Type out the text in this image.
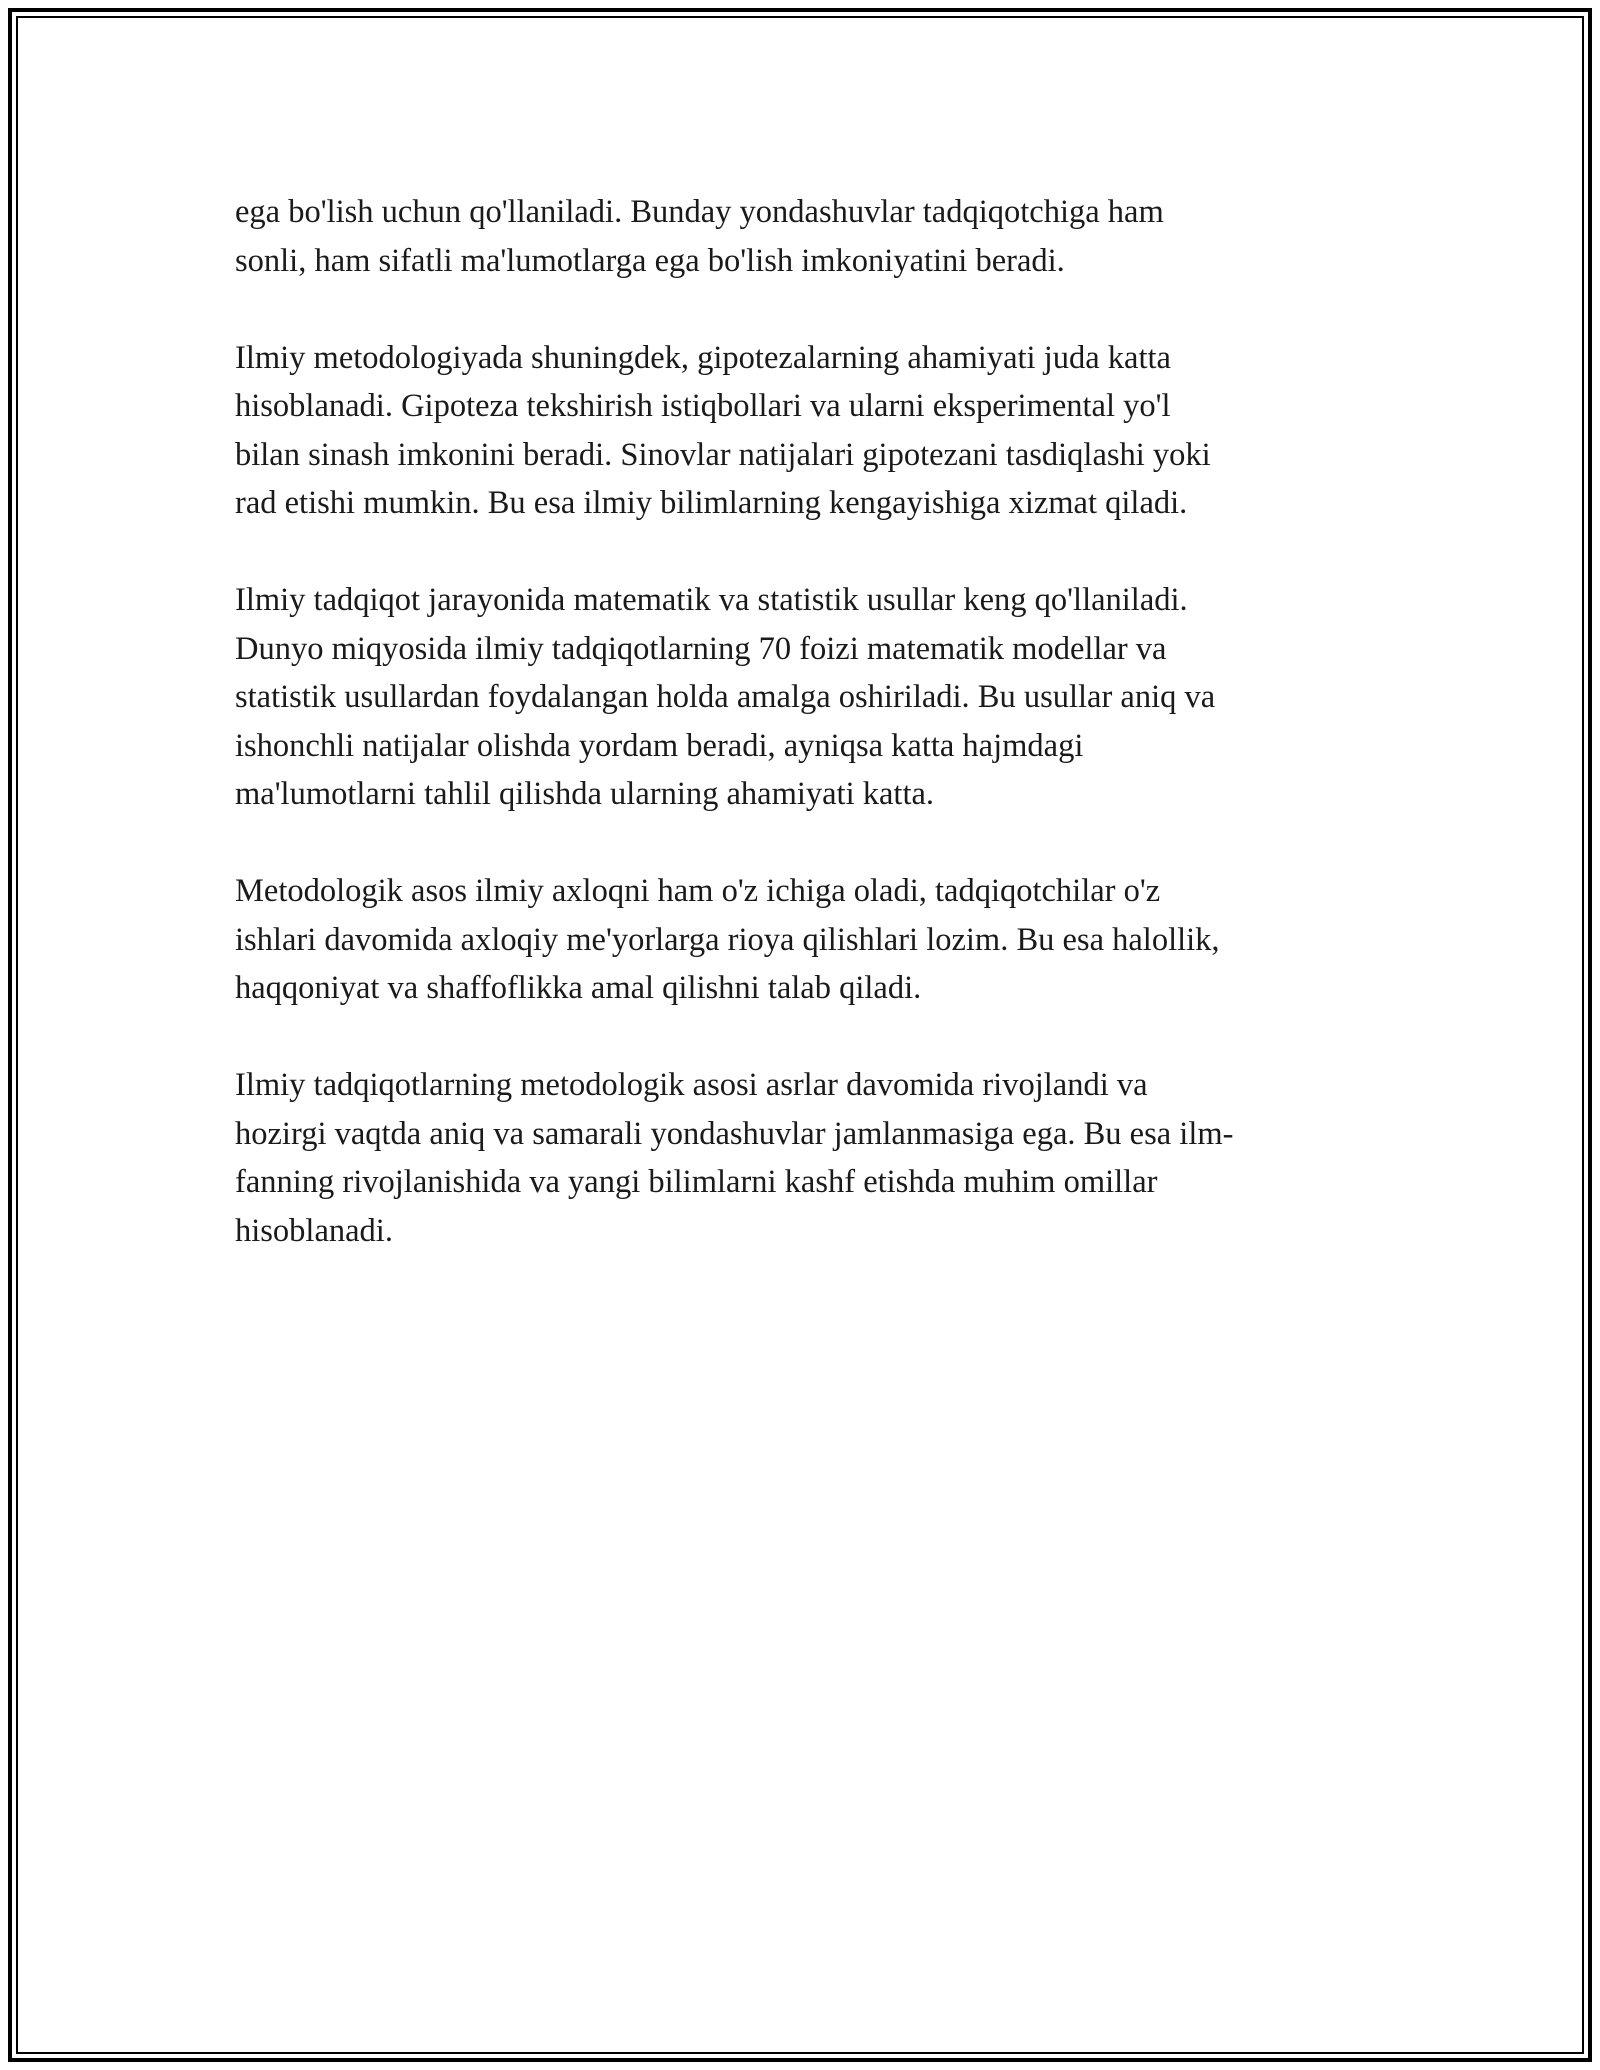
ega bo'lish uchun qo'llaniladi. Bunday yondashuvlar tadqiqotchiga ham
sonli, ham sifatli ma'lumotlarga ega bo'lish imkoniyatini beradi.

Ilmiy metodologiyada shuningdek, gipotezalarning ahamiyati juda katta
hisoblanadi. Gipoteza tekshirish istiqbollari va ularni eksperimental yo'l
bilan sinash imkonini beradi. Sinovlar natijalari gipotezani tasdiqlashi yoki
rad etishi mumkin. Bu esa ilmiy bilimlarning kengayishiga xizmat qiladi.

Ilmiy tadqiqot jarayonida matematik va statistik usullar keng qo'llaniladi.
Dunyo miqyosida ilmiy tadqiqotlarning 70 foizi matematik modellar va
statistik usullardan foydalangan holda amalga oshiriladi. Bu usullar aniq va
ishonchli natijalar olishda yordam beradi, ayniqsa katta hajmdagi
ma'lumotlarni tahlil qilishda ularning ahamiyati katta.

Metodologik asos ilmiy axloqni ham o'z ichiga oladi, tadqiqotchilar o'z
ishlari davomida axloqiy me'yorlarga rioya qilishlari lozim. Bu esa halollik,
haqqoniyat va shaffoflikka amal qilishni talab qiladi.

Ilmiy tadqiqotlarning metodologik asosi asrlar davomida rivojlandi va
hozirgi vaqtda aniq va samarali yondashuvlar jamlanmasiga ega. Bu esa ilm-
fanning rivojlanishida va yangi bilimlarni kashf etishda muhim omillar
hisoblanadi.
